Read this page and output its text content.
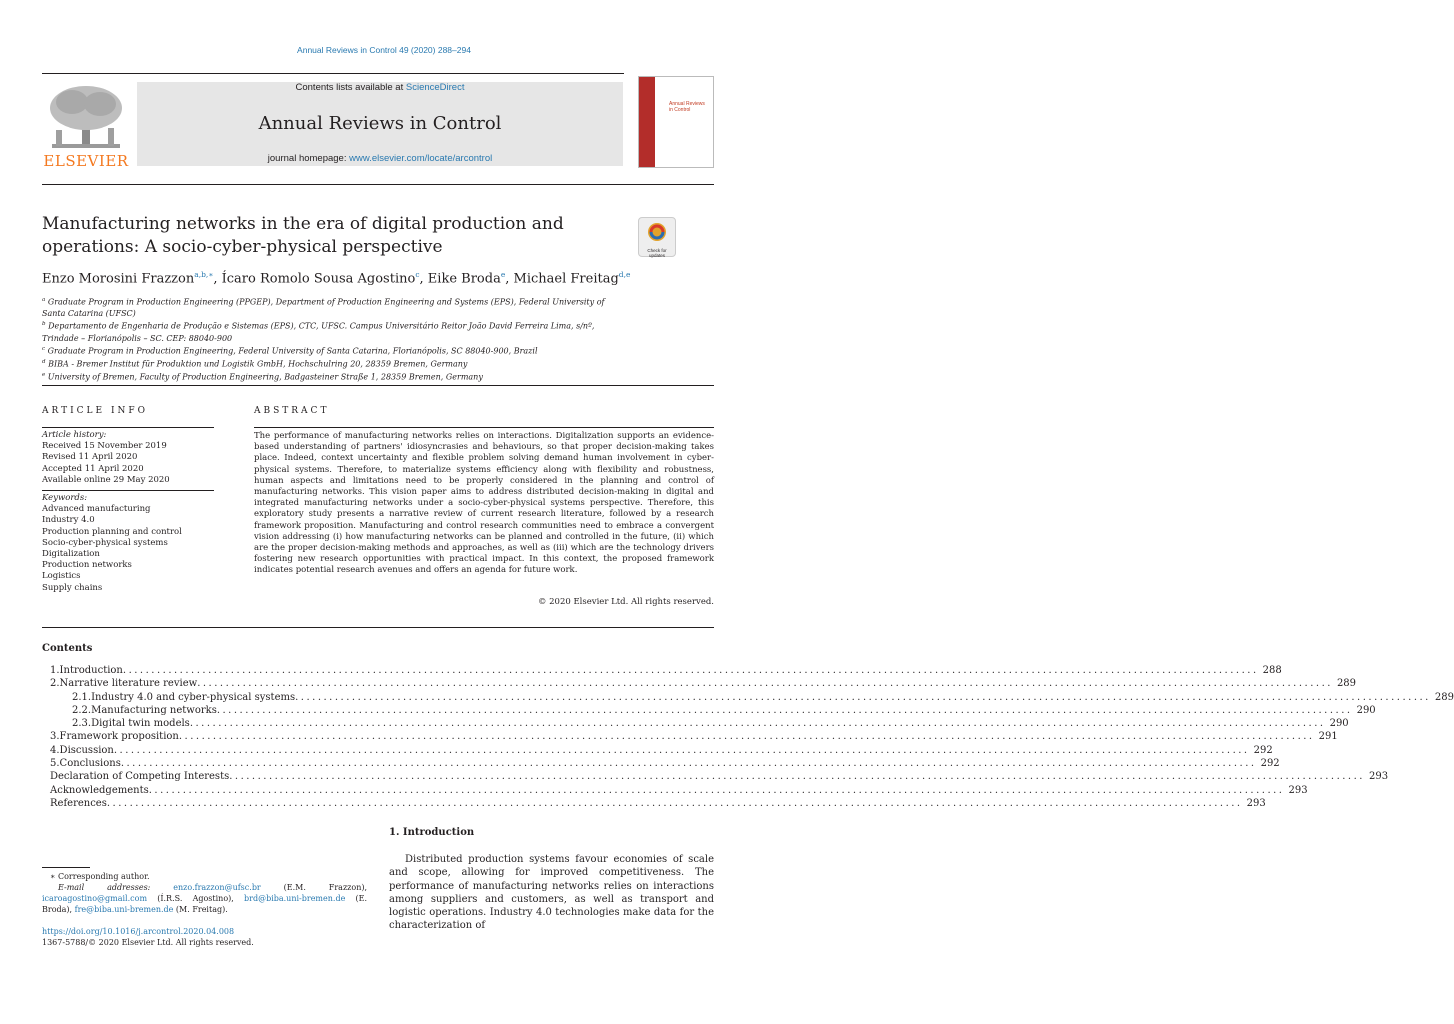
Annual Reviews in Control 49 (2020) 288–294
ELSEVIER
Contents lists available at ScienceDirect
Annual Reviews in Control
journal homepage: www.elsevier.com/locate/arcontrol
Annual Reviews in Control
Manufacturing networks in the era of digital production and operations: A socio-cyber-physical perspective	Check for updates
Enzo Morosini Frazzon$^{a,b,∗}$, Ícaro Romolo Sousa Agostino$^c$, Eike Broda$^e$, Michael Freitag$^{d,e}$
$^a$ Graduate Program in Production Engineering (PPGEP), Department of Production Engineering and Systems (EPS), Federal University of Santa Catarina (UFSC)
$^b$ Departamento de Engenharia de Produção e Sistemas (EPS), CTC, UFSC. Campus Universitário Reitor João David Ferreira Lima, s/nº, Trindade – Florianópolis – SC. CEP: 88040-900
$^c$ Graduate Program in Production Engineering, Federal University of Santa Catarina, Florianópolis, SC 88040-900, Brazil
$^d$ BIBA - Bremer Institut für Produktion und Logistik GmbH, Hochschulring 20, 28359 Bremen, Germany
$^e$ University of Bremen, Faculty of Production Engineering, Badgasteiner Straße 1, 28359 Bremen, Germany
ARTICLE INFO	ABSTRACT
Article history:
Received 15 November 2019
Revised 11 April 2020
Accepted 11 April 2020
Available online 29 May 2020
Keywords:
Advanced manufacturing
Industry 4.0
Production planning and control
Socio-cyber-physical systems
Digitalization
Production networks
Logistics
Supply chains
The performance of manufacturing networks relies on interactions. Digitalization supports an evidence-based understanding of partners' idiosyncrasies and behaviours, so that proper decision-making takes place. Indeed, context uncertainty and flexible problem solving demand human involvement in cyber-physical systems. Therefore, to materialize systems efficiency along with flexibility and robustness, human aspects and limitations need to be properly considered in the planning and control of manufacturing networks. This vision paper aims to address distributed decision-making in digital and integrated manufacturing networks under a socio-cyber-physical systems perspective. Therefore, this exploratory study presents a narrative review of current research literature, followed by a research framework proposition. Manufacturing and control research communities need to embrace a convergent vision addressing (i) how manufacturing networks can be planned and controlled in the future, (ii) which are the proper decision-making methods and approaches, as well as (iii) which are the technology drivers fostering new research opportunities with practical impact. In this context, the proposed framework indicates potential research avenues and offers an agenda for future work.
© 2020 Elsevier Ltd. All rights reserved.
Contents
1. Introduction ........................................................................................................................................................................................................ 288
2. Narrative literature review ........................................................................................................................................................................................................ 289
2.1. Industry 4.0 and cyber-physical systems ........................................................................................................................................................................................................ 289
2.2. Manufacturing networks ........................................................................................................................................................................................................ 290
2.3. Digital twin models ........................................................................................................................................................................................................ 290
3. Framework proposition ........................................................................................................................................................................................................ 291
4. Discussion ........................................................................................................................................................................................................ 292
5. Conclusions ........................................................................................................................................................................................................ 292
Declaration of Competing Interests ........................................................................................................................................................................................................ 293
Acknowledgements ........................................................................................................................................................................................................ 293
References ........................................................................................................................................................................................................ 293
∗ Corresponding author.
E-mail addresses:	enzo.frazzon@ufsc.br (E.M. Frazzon), icaroagostino@gmail.com (Í.R.S. Agostino), brd@biba.uni-bremen.de (E. Broda), fre@biba.uni-bremen.de (M. Freitag).
https://doi.org/10.1016/j.arcontrol.2020.04.008
1367-5788/© 2020 Elsevier Ltd. All rights reserved.
1. Introduction
Distributed production systems favour economies of scale and scope, allowing for improved competitiveness. The performance of manufacturing networks relies on interactions among suppliers and customers, as well as transport and logistic operations. Industry 4.0 technologies make data for the characterization of
